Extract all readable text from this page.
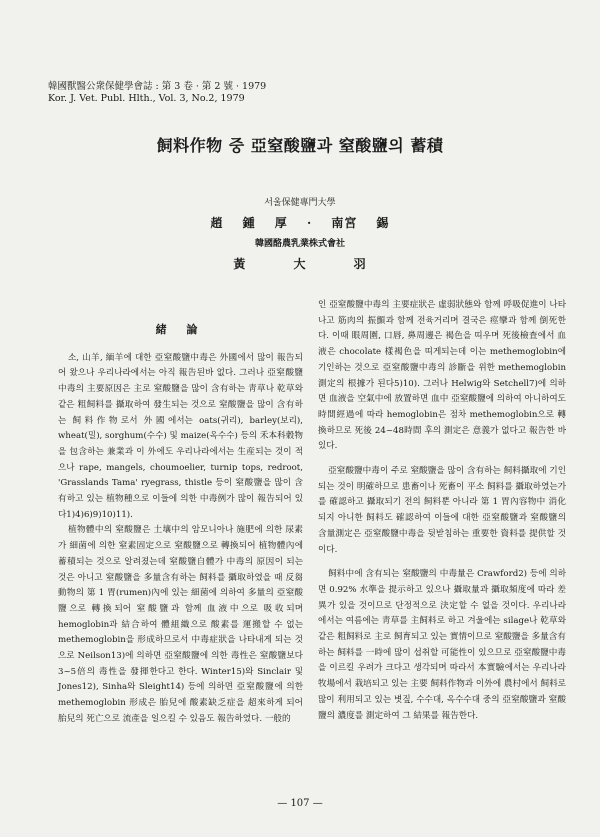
韓國獸醫公衆保健學會誌 : 第 3 卷 · 第 2 號 · 1979
Kor. J. Vet. Publ. Hlth., Vol. 3, No.2, 1979
飼料作物 중 亞窒酸鹽과 窒酸鹽의 蓄積
서울保健專門大學
趙 鍾 厚 · 南宮 錫
韓國酪農乳業株式會社
黃 大 羽
緒 論

소, 山羊, 緬羊에 대한 亞窒酸鹽中毒은 外國에서 많이 報告되어 왔으나 우리나라에서는 아직 報告된바 없다. 그러나 亞窒酸鹽中毒의 主要原因은 主로 窒酸鹽을 많이 含有하는 靑草나 乾草와 같은 粗飼料를 攝取하여 發生되는 것으로 窒酸鹽을 많이 含有하는 飼料作物로서 外國에서는 oats(귀리), barley(보리), wheat(밀), sorghum(수수) 및 maize(옥수수) 등의 禾本科穀物을 包含하는 兼業과 이 外에도 우리나라에서는 生産되는 것이 적으나 rape, mangels, choumoelier, turnip tops, redroot, 'Grasslands Tama' ryegrass, thistle 등이 窒酸鹽을 많이 含有하고 있는 植物種으로 이들에 의한 中毒例가 많이 報告되어 있다1)4)6)9)10)11).

植物體中의 窒酸鹽은 土壤中의 암모니아나 施肥에 의한 尿素가 細菌에 의한 窒素固定으로 窒酸鹽으로 轉換되어 植物體內에 蓄積되는 것으로 알려졌는데 窒酸鹽自體가 中毒의 原因이 되는 것은 아니고 窒酸鹽을 多量含有하는 飼料를 攝取하였을 때 反芻動物의 第 1 胃(rumen)內에 있는 細菌에 의하여 多量의 亞窒酸鹽으로 轉換되어 窒酸鹽과 함께 血液中으로 吸收되며 hemoglobin과 結合하여 體組織으로 酸素를 運搬할 수 없는 methemoglobin을 形成하므로서 中毒症狀을 나타내게 되는 것으로 Neilson13)에 의하면 亞窒酸鹽에 의한 毒性은 窒酸鹽보다 3~5倍의 毒性을 發揮한다고 한다. Winter15)와 Sinclair 및 Jones12), Sinha와 Sleight14) 등에 의하면 亞窒酸鹽에 의한 methemoglobin 形成은 胎兒에 酸素缺乏症을 超來하게 되어 胎兒의 死亡으로 流產을 일으킬 수 있음도 報告하였다. 一般的

인 亞窒酸鹽中毒의 主要症狀은 虛弱狀態와 함께 呼吸促進이 나타나고 筋肉의 振顫과 함께 전육거리며 결국은 痙攣과 함께 倒死한다. 이때 眼周圍, 口唇, 鼻周邊은 褐色을 띠우며 死後檢査에서 血液은 chocolate 樣褐色을 띠게되는데 이는 methemoglobin에 기인하는 것으로 亞窒酸鹽中毒의 診斷을 위한 methemoglobin 測定의 根據가 된다5)10). 그러나 Helwig와 Setchell7)에 의하면 血液을 空氣中에 放置하면 血中 亞窒酸鹽에 의하여 아니하여도 時間經過에 따라 hemoglobin은 점차 methemoglobin으로 轉換하므로 死後 24~48時間 후의 測定은 意義가 없다고 報告한 바 있다.

亞窒酸鹽中毒이 주로 窒酸鹽을 많이 含有하는 飼料攝取에 기인되는 것이 明確하므로 患畜이나 死畜이 平소 飼料를 攝取하였는가를 確認하고 攝取되기 전의 飼料뿐 아니라 第 1 胃內容物中 消化되지 아니한 飼料도 確認하여 이들에 대한 亞窒酸鹽과 窒酸鹽의 含量測定은 亞窒酸鹽中毒을 뒷받침하는 重要한 資料를 提供할 것이다.

飼料中에 含有되는 窒酸鹽의 中毒量은 Crawford2) 등에 의하면 0.92% 水準을 提示하고 있으나 攝取量과 攝取頻度에 따라 差異가 있을 것이므로 단정적으로 決定할 수 없을 것이다. 우리나라에서는 여름에는 靑草를 主飼料로 하고 겨울에는 silage나 乾草와 같은 粗飼料로 主로 飼育되고 있는 實情이므로 窒酸鹽을 多量含有하는 飼料를 一時에 많이 섭취할 可能性이 있으므로 亞窒酸鹽中毒을 이르킬 우려가 크다고 생각되며 따라서 本實驗에서는 우리나라 牧場에서 栽培되고 있는 主要 飼料作物과 이外에 農村에서 飼料로 많이 利用되고 있는 볏짚, 수수대, 옥수수대 중의 亞窒酸鹽과 窒酸鹽의 濃度를 測定하여 그 結果를 報告한다.

— 107 —
